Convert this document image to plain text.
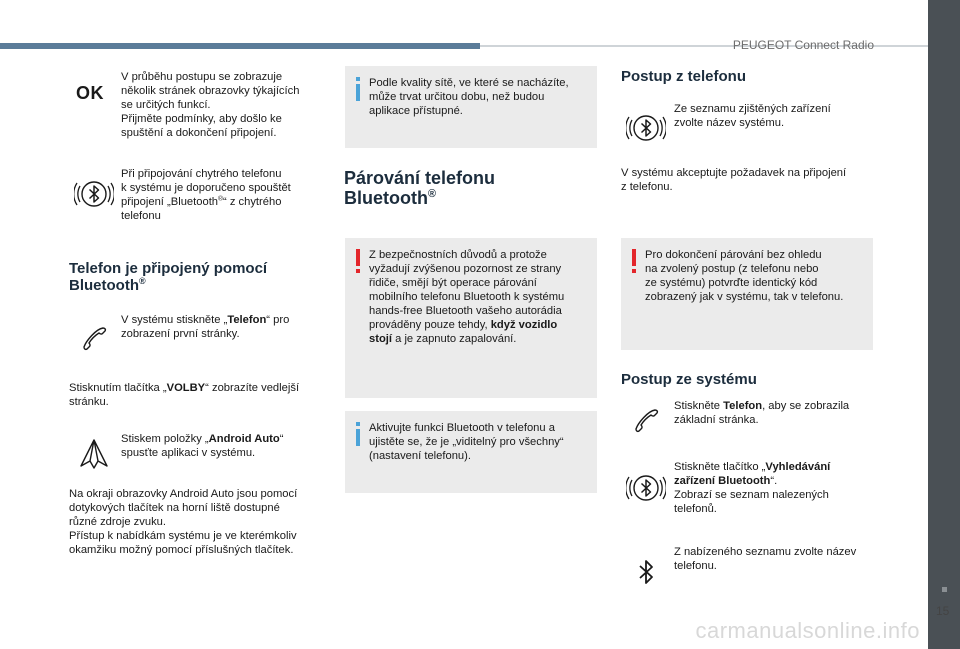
PEUGEOT Connect Radio
15
carmanualsonline.info
OK

V průběhu postupu se zobrazuje

několik stránek obrazovky týkajících

se určitých funkcí.

Přijměte podmínky, aby došlo ke

spuštění a dokončení připojení.

Při připojování chytrého telefonu

k systému je doporučeno spouštět

připojení „Bluetooth®“ z chytrého

telefonu

Telefon je připojený pomocí

Bluetooth®

V systému stiskněte „Telefon“ pro

zobrazení první stránky.

Stisknutím tlačítka „VOLBY“ zobrazíte vedlejší

stránku.

Stiskem položky „Android Auto“

spusťte aplikaci v systému.

Na okraji obrazovky Android Auto jsou pomocí

dotykových tlačítek na horní liště dostupné

různé zdroje zvuku.

Přístup k nabídkám systému je ve kterémkoliv

okamžiku možný pomocí příslušných tlačítek.

Podle kvality sítě, ve které se nacházíte,

může trvat určitou dobu, než budou

aplikace přístupné.

Párování telefonu

Bluetooth®

Z bezpečnostních důvodů a protože

vyžadují zvýšenou pozornost ze strany

řidiče, smějí být operace párování

mobilního telefonu Bluetooth k systému

hands-free Bluetooth vašeho autorádia

prováděny pouze tehdy, když vozidlo

stojí a je zapnuto zapalování.

Aktivujte funkci Bluetooth v telefonu a

ujistěte se, že je „viditelný pro všechny“

(nastavení telefonu).

Postup z telefonu

Ze seznamu zjištěných zařízení

zvolte název systému.

V systému akceptujte požadavek na připojení

z telefonu.

Pro dokončení párování bez ohledu

na zvolený postup (z telefonu nebo

ze systému) potvrďte identický kód

zobrazený jak v systému, tak v telefonu.

Postup ze systému

Stiskněte Telefon, aby se zobrazila

základní stránka.

Stiskněte tlačítko „Vyhledávání

zařízení Bluetooth“.

Zobrazí se seznam nalezených

telefonů.

Z nabízeného seznamu zvolte název

telefonu.
